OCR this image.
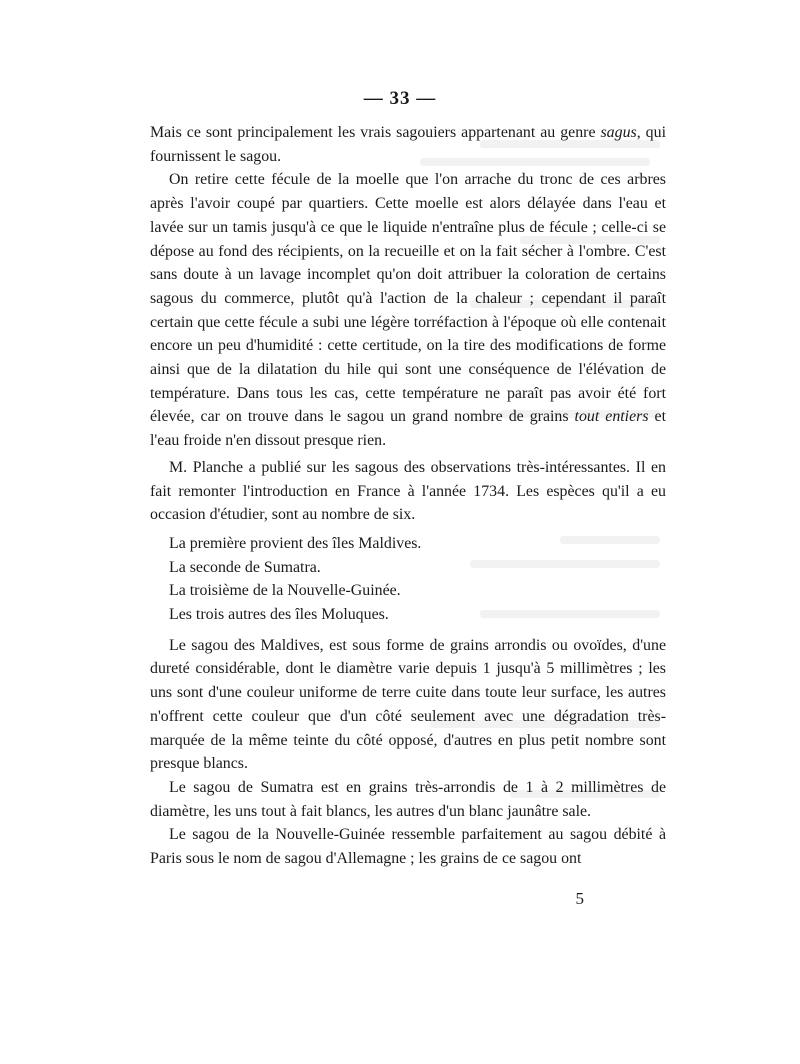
— 33 —

Mais ce sont principalement les vrais sagouiers appartenant au genre sagus, qui fournissent le sagou.

On retire cette fécule de la moelle que l'on arrache du tronc de ces arbres après l'avoir coupé par quartiers. Cette moelle est alors délayée dans l'eau et lavée sur un tamis jusqu'à ce que le liquide n'entraîne plus de fécule ; celle-ci se dépose au fond des récipients, on la recueille et on la fait sécher à l'ombre. C'est sans doute à un lavage incomplet qu'on doit attribuer la coloration de certains sagous du commerce, plutôt qu'à l'action de la chaleur ; cependant il paraît certain que cette fécule a subi une légère torréfaction à l'époque où elle contenait encore un peu d'humidité : cette certitude, on la tire des modifications de forme ainsi que de la dilatation du hile qui sont une conséquence de l'élévation de température. Dans tous les cas, cette température ne paraît pas avoir été fort élevée, car on trouve dans le sagou un grand nombre de grains tout entiers et l'eau froide n'en dissout presque rien.

M. Planche a publié sur les sagous des observations très-intéressantes. Il en fait remonter l'introduction en France à l'année 1734. Les espèces qu'il a eu occasion d'étudier, sont au nombre de six.

La première provient des îles Maldives.
La seconde de Sumatra.
La troisième de la Nouvelle-Guinée.
Les trois autres des îles Moluques.

Le sagou des Maldives, est sous forme de grains arrondis ou ovoïdes, d'une dureté considérable, dont le diamètre varie depuis 1 jusqu'à 5 millimètres ; les uns sont d'une couleur uniforme de terre cuite dans toute leur surface, les autres n'offrent cette couleur que d'un côté seulement avec une dégradation très-marquée de la même teinte du côté opposé, d'autres en plus petit nombre sont presque blancs.

Le sagou de Sumatra est en grains très-arrondis de 1 à 2 millimètres de diamètre, les uns tout à fait blancs, les autres d'un blanc jaunâtre sale.

Le sagou de la Nouvelle-Guinée ressemble parfaitement au sagou débité à Paris sous le nom de sagou d'Allemagne ; les grains de ce sagou ont

5
